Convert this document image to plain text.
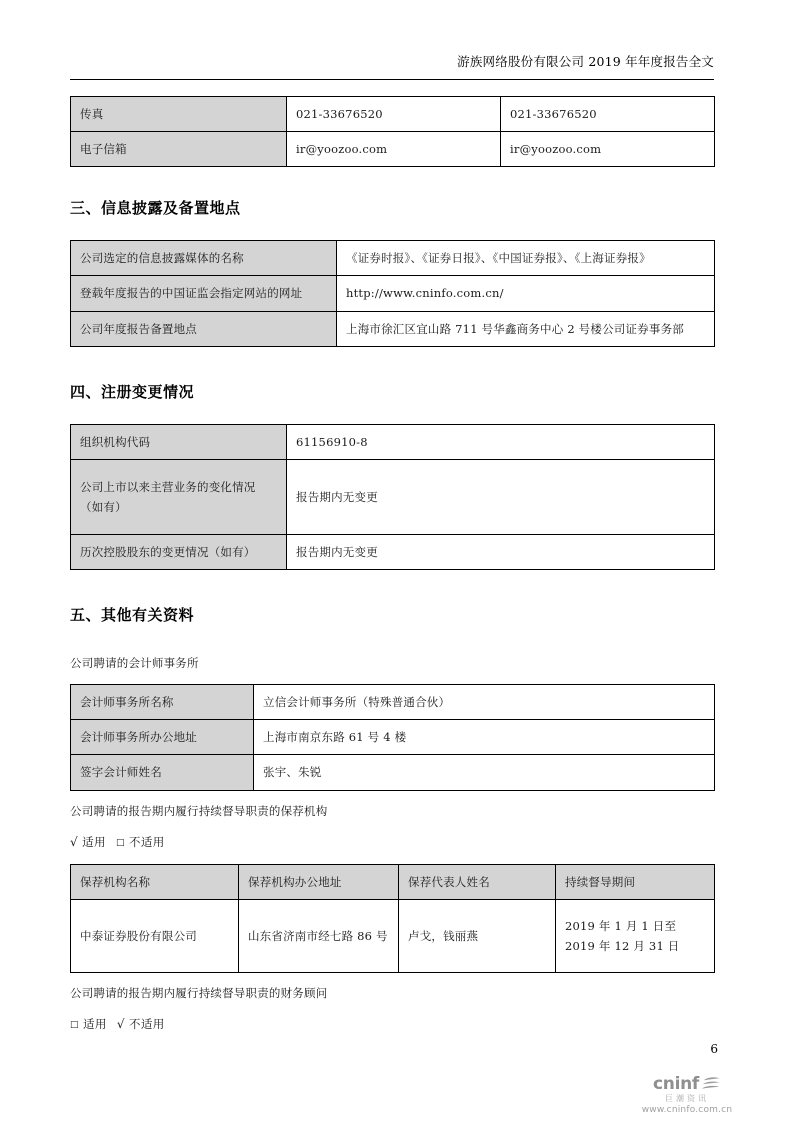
游族网络股份有限公司 2019 年年度报告全文
传真	021-33676520	021-33676520
电子信箱	ir@yoozoo.com	ir@yoozoo.com
三、信息披露及备置地点
公司选定的信息披露媒体的名称	《证券时报》、《证券日报》、《中国证券报》、《上海证券报》
登载年度报告的中国证监会指定网站的网址	http://www.cninfo.com.cn/
公司年度报告备置地点	上海市徐汇区宜山路 711 号华鑫商务中心 2 号楼公司证券事务部
四、注册变更情况
组织机构代码	61156910-8
公司上市以来主营业务的变化情况（如有）	报告期内无变更
历次控股股东的变更情况（如有）	报告期内无变更
五、其他有关资料
公司聘请的会计师事务所
会计师事务所名称	立信会计师事务所（特殊普通合伙）
会计师事务所办公地址	上海市南京东路 61 号 4 楼
签字会计师姓名	张宇、朱锐
公司聘请的报告期内履行持续督导职责的保荐机构
√ 适用 □ 不适用
保荐机构名称	保荐机构办公地址	保荐代表人姓名	持续督导期间
中泰证券股份有限公司	山东省济南市经七路 86 号	卢戈，钱丽燕	2019 年 1 月 1 日至 2019 年 12 月 31 日
公司聘请的报告期内履行持续督导职责的财务顾问
□ 适用 √ 不适用
6
cninf
巨潮资讯
www.cninfo.com.cn
